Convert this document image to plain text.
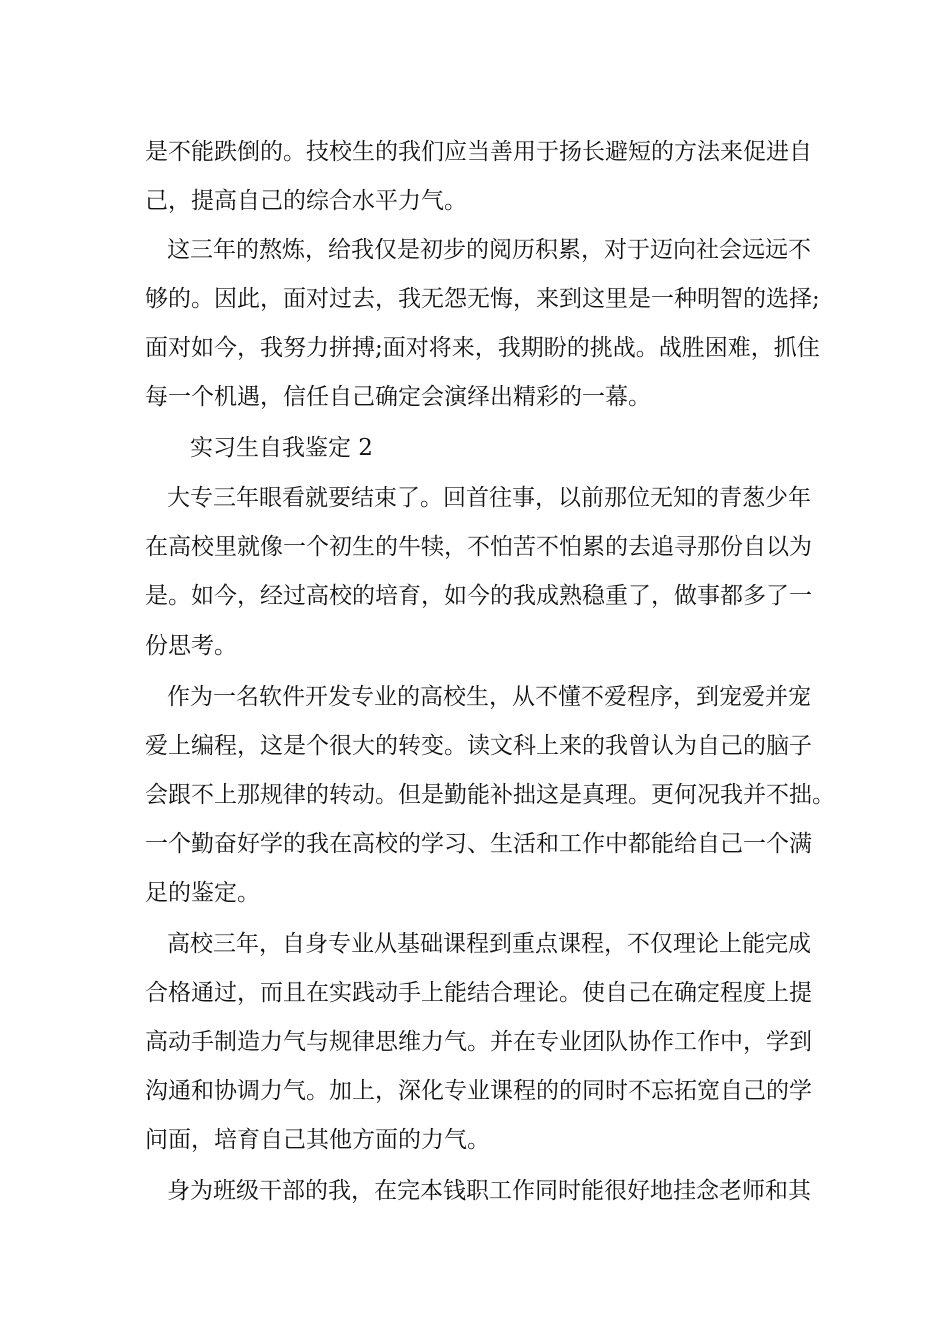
是不能跌倒的。技校生的我们应当善用于扬长避短的方法来促进自
己，提高自己的综合水平力气。
这三年的熬炼，给我仅是初步的阅历积累，对于迈向社会远远不
够的。因此，面对过去，我无怨无悔，来到这里是一种明智的选择;
面对如今，我努力拼搏;面对将来，我期盼的挑战。战胜困难，抓住
每一个机遇，信任自己确定会演绎出精彩的一幕。
实习生自我鉴定 2
大专三年眼看就要结束了。回首往事，以前那位无知的青葱少年
在高校里就像一个初生的牛犊，不怕苦不怕累的去追寻那份自以为
是。如今，经过高校的培育，如今的我成熟稳重了，做事都多了一
份思考。
作为一名软件开发专业的高校生，从不懂不爱程序，到宠爱并宠
爱上编程，这是个很大的转变。读文科上来的我曾认为自己的脑子
会跟不上那规律的转动。但是勤能补拙这是真理。更何况我并不拙。
一个勤奋好学的我在高校的学习、生活和工作中都能给自己一个满
足的鉴定。
高校三年，自身专业从基础课程到重点课程，不仅理论上能完成
合格通过，而且在实践动手上能结合理论。使自己在确定程度上提
高动手制造力气与规律思维力气。并在专业团队协作工作中，学到
沟通和协调力气。加上，深化专业课程的的同时不忘拓宽自己的学
问面，培育自己其他方面的力气。
身为班级干部的我，在完本钱职工作同时能很好地挂念老师和其
